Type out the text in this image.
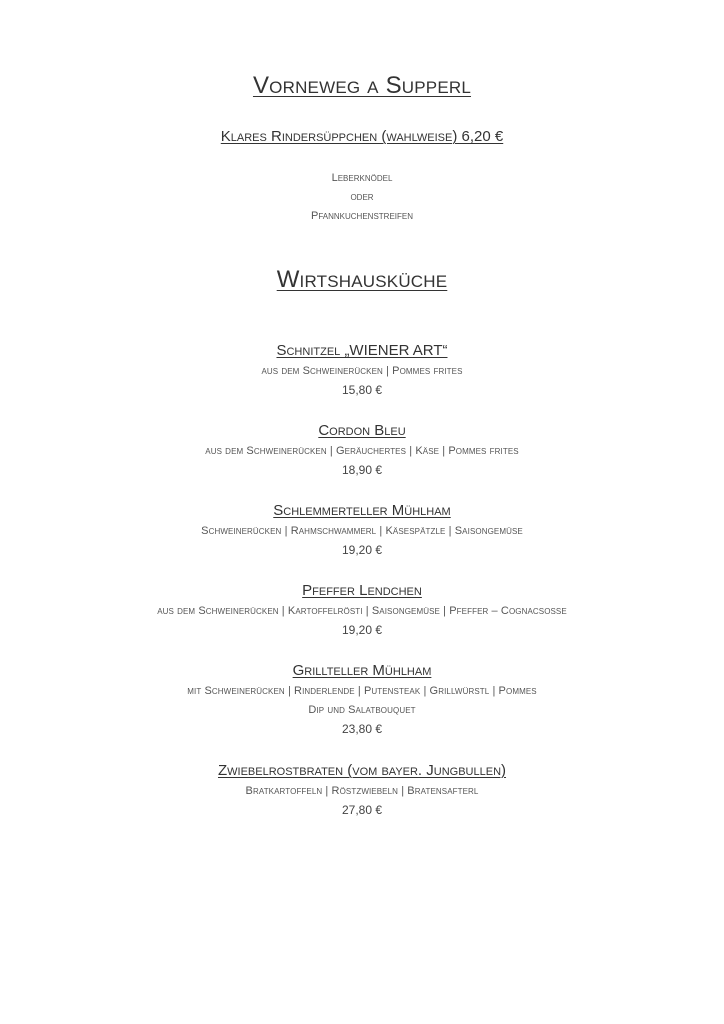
Vorneweg a Supperl
Klares Rindersüppchen (wahlweise) 6,20 €
Leberknödel
oder
Pfannkuchenstreifen
Wirtshausküche
Schnitzel „WIENER ART“
aus dem Schweinerücken | Pommes frites
15,80 €
Cordon Bleu
aus dem Schweinerücken | Geräuchertes | Käse | Pommes frites
18,90 €
Schlemmerteller Mühlham
Schweinerücken | Rahmschwammerl | Käsespätzle | Saisongemüse
19,20 €
Pfeffer Lendchen
aus dem Schweinerücken | Kartoffelrösti | Saisongemüse | Pfeffer – Cognacsoße
19,20 €
Grillteller Mühlham
mit Schweinerücken | Rinderlende | Putensteak | Grillwürstl | Pommes
Dip und Salatbouquet
23,80 €
Zwiebelrostbraten (vom bayer. Jungbullen)
Bratkartoffeln | Röstzwiebeln | Bratensafterl
27,80 €
